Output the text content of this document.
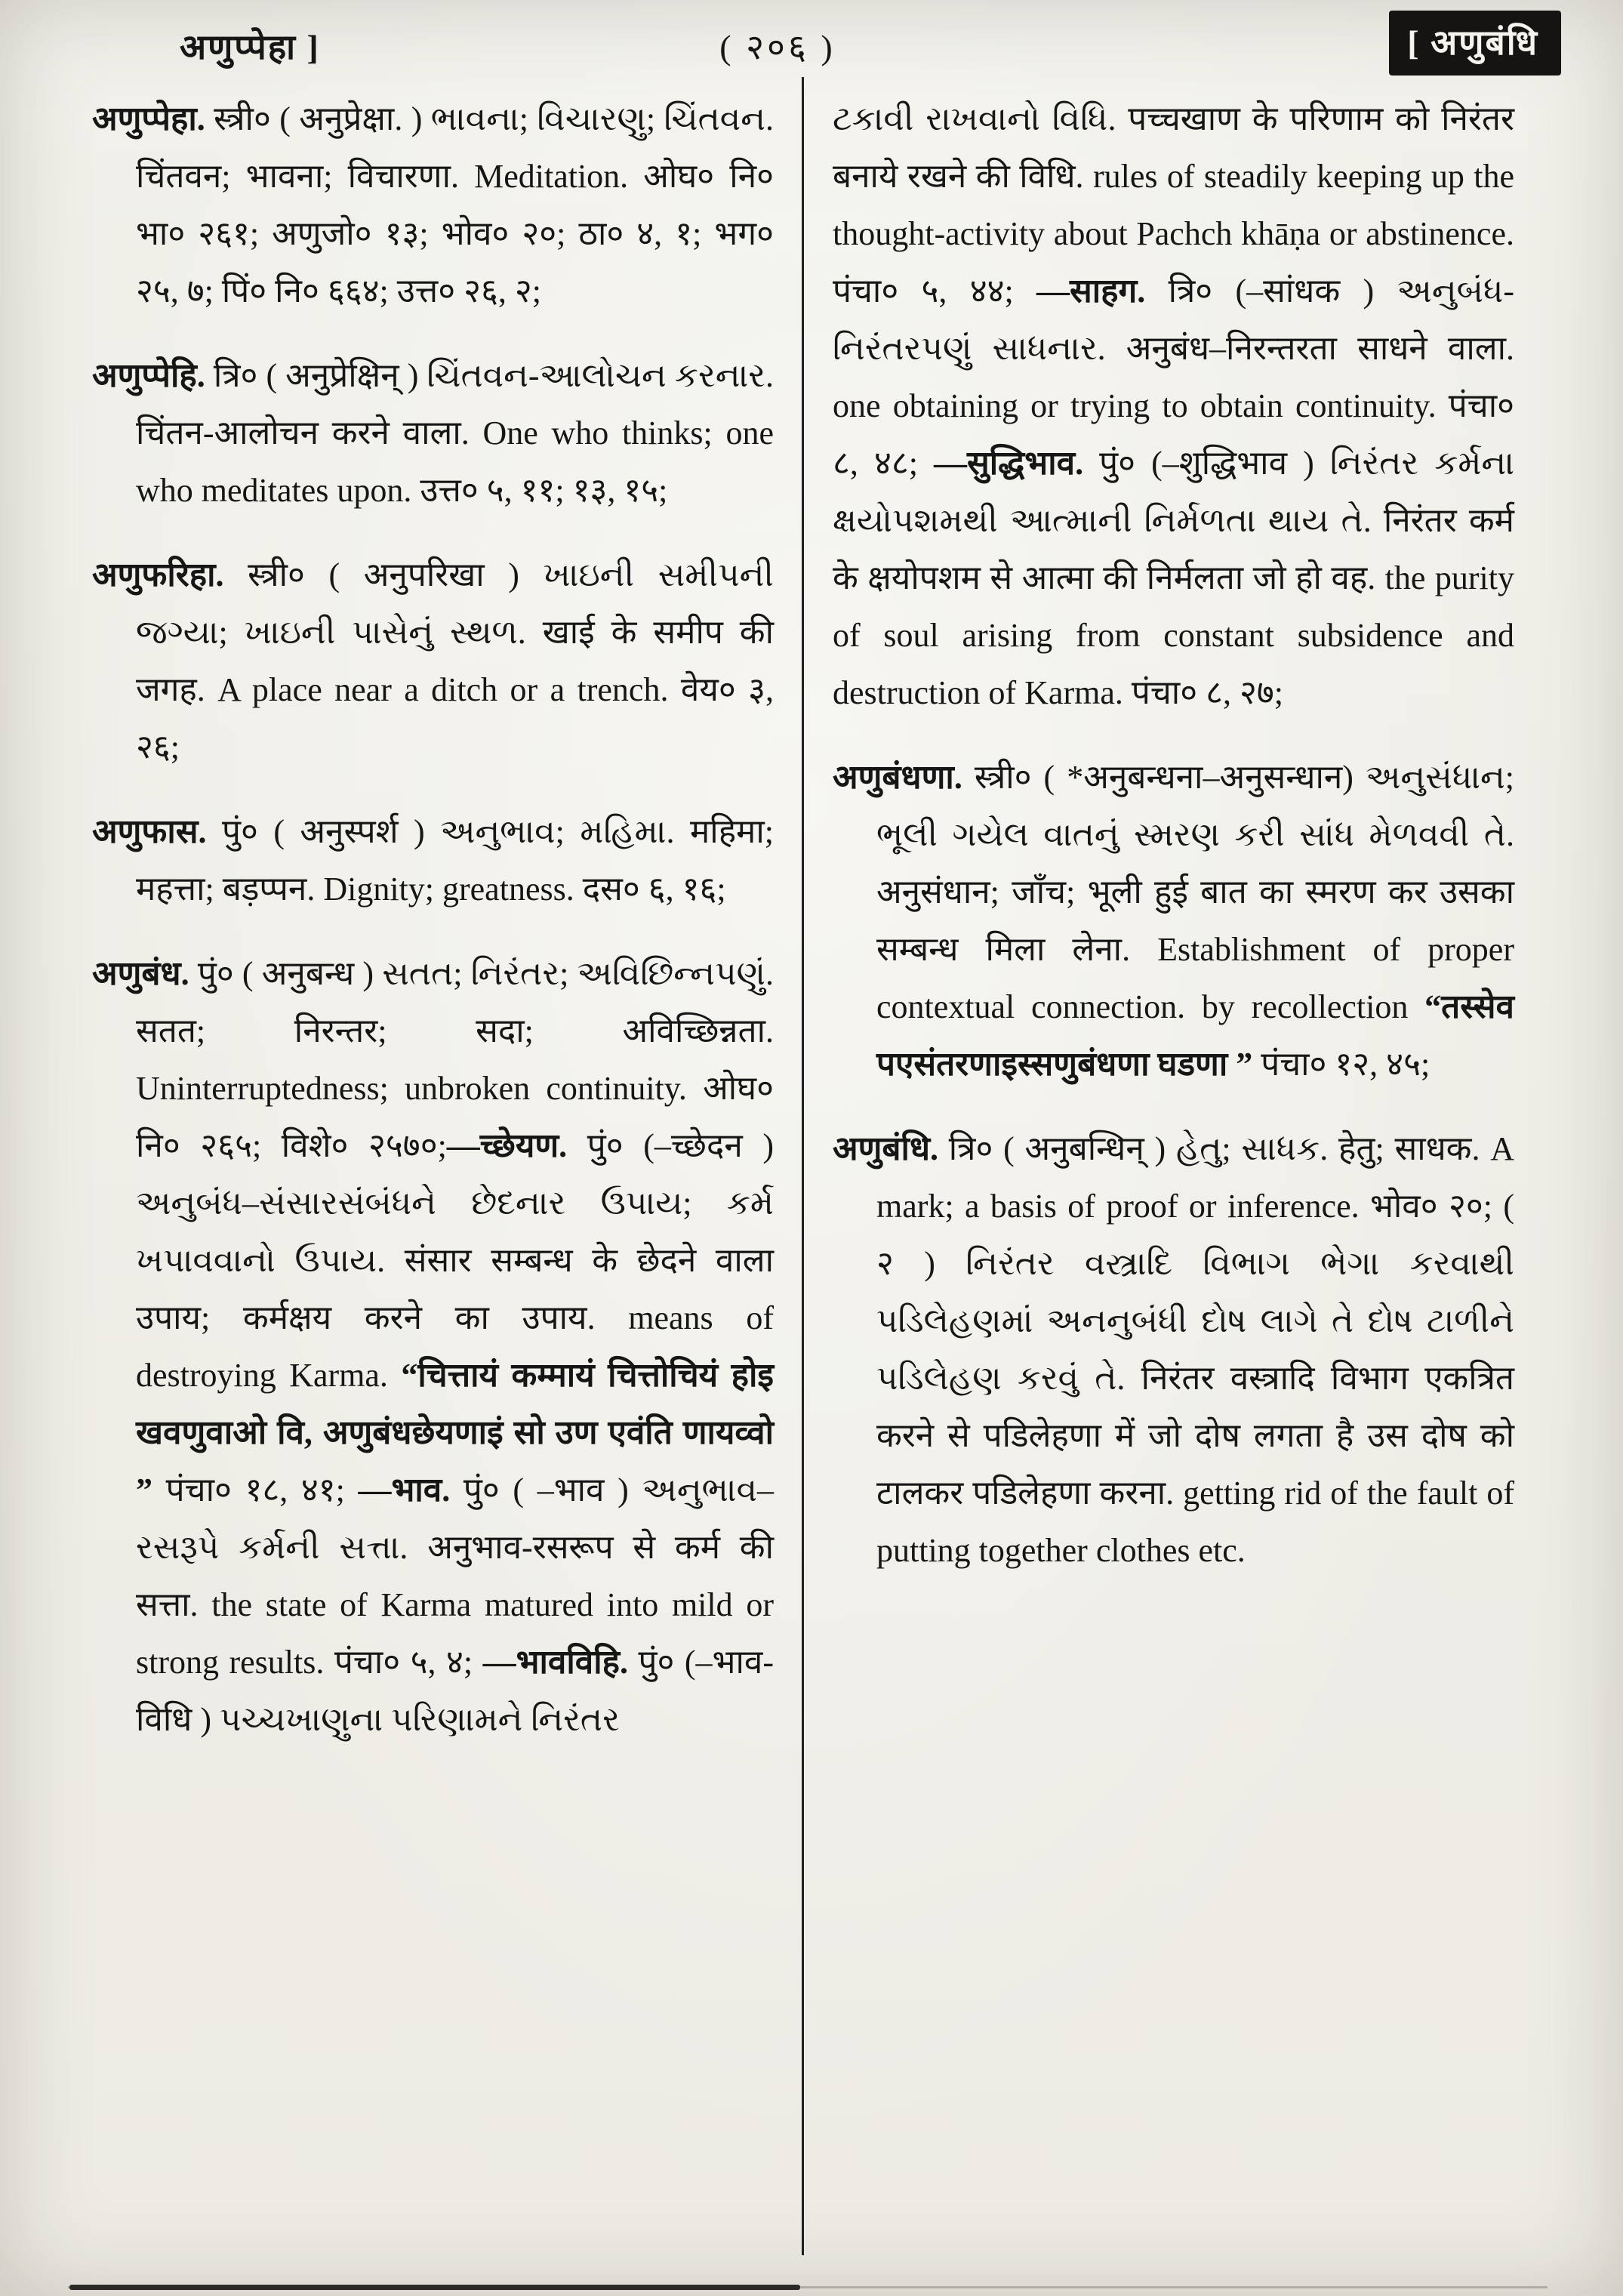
अणुप्पेहा ]	( २०६ )	[ अणुबंधि

अणुप्पेहा. स्त्री० ( अनुप्रेक्षा. ) ભાવના; વિચારણુ; ચિંતવન. चिंतवन; भावना; विचारणा. Meditation. ओघ० नि० भा० २६१; अणुजो० १३; भोव० २०; ठा० ४, १; भग० २५, ७; पिं० नि० ६६४; उत्त० २६, २;

अणुप्पेहि. त्रि० ( अनुप्रेक्षिन् ) ચિંતવન-આલોચન કરનાર. चिंतन-आलोचन करने वाला. One who thinks; one who meditates upon. उत्त० ५, ११; १३, १५;

अणुफरिहा. स्त्री० ( अनुपरिखा ) ખાઇની સમીપની જગ્યા; ખાઇની પાસેનું સ્થળ. खाई के समीप की जगह. A place near a ditch or a trench. वेय० ३, २६;

अणुफास. पुं० ( अनुस्पर्श ) અનુભાવ; મહિમા. महिमा; महत्ता; बड़प्पन. Dignity; greatness. दस० ६, १६;

अणुबंध. पुं० ( अनुबन्ध ) સતત; નિરંતર; અવિછિન્નપણું. सतत; निरन्तर; सदा; अविच्छिन्नता. Uninterruptedness; unbroken continuity. ओघ० नि० २६५; विशे० २५७०;—च्छेयण. पुं० (–च्छेदन ) અનુબંધ–સંસારસંબંધને છેદનાર ઉપાય; કર્મ ખપાવવાનો ઉપાય. संसार सम्बन्ध के छेदने वाला उपाय; कर्मक्षय करने का उपाय. means of destroying Karma. “चित्तायं कम्मायं चित्तोचियं होइ खवणुवाओ वि, अणुबंधछेयणाइं सो उण एवंति णायव्वो ” पंचा० १८, ४१; —भाव. पुं० ( –भाव ) અનુભાવ–રસરૂપે કર્મની સત્તા. अनुभाव-रसरूप से कर्म की सत्ता. the state of Karma matured into mild or strong results. पंचा० ५, ४; —भावविहि. पुं० (–भाव-विधि ) પચ્ચખાણુના પરિણામને નિરંતર

ટકાવી રાખવાનો વિધિ. पच्चखाण के परिणाम को निरंतर बनाये रखने की विधि. rules of steadily keeping up the thought-activity about Pachch khāṇa or abstinence. पंचा० ५, ४४; —साहग. त्रि० (–सांधक ) અનુબંધ-નિરંતરપણું સાધનાર. अनुबंध–निरन्तरता साधने वाला. one obtaining or trying to obtain continuity. पंचा० ८, ४८; —सुद्धिभाव. पुं० (–शुद्धिभाव ) નિરંતર કર્મના ક્ષયોપશમથી આત્માની નિર્મળતા થાય તે. निरंतर कर्म के क्षयोपशम से आत्मा की निर्मलता जो हो वह. the purity of soul arising from constant subsidence and destruction of Karma. पंचा० ८, २७;

अणुबंधणा. स्त्री० ( *अनुबन्धना–अनुसन्धान) અનુસંધાન; ભૂલી ગયેલ વાતનું સ્મરણ કરી સાંધ મેળવવી તે. अनुसंधान; जाँच; भूली हुई बात का स्मरण कर उसका सम्बन्ध मिला लेना. Establishment of proper contextual connection. by recollection “तस्सेव पएसंतरणाइस्सणुबंधणा घडणा ” पंचा० १२, ४५;

अणुबंधि. त्रि० ( अनुबन्धिन् ) હેતુ; સાધક. हेतु; साधक. A mark; a basis of proof or inference. भोव० २०; ( २ ) નિરંતર વસ્ત્રાદિ વિભાગ ભેગા કરવાથી પડિલેહણમાં અનનુબંધી દોષ લાગે તે દોષ ટાળીને પડિલેહણ કરવું તે. निरंतर वस्त्रादि विभाग एकत्रित करने से पडिलेहणा में जो दोष लगता है उस दोष को टालकर पडिलेहणा करना. getting rid of the fault of putting together clothes etc.
